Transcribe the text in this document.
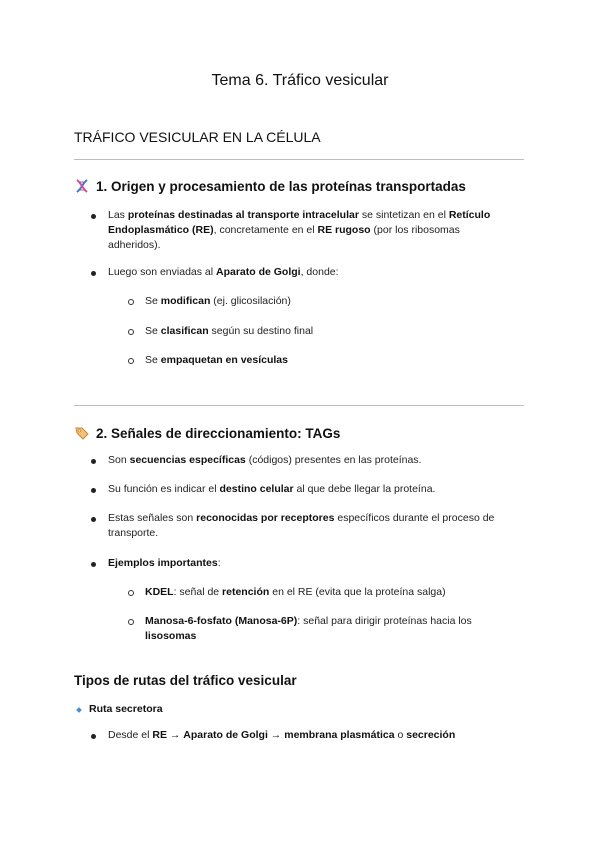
Tema 6. Tráfico vesicular
TRÁFICO VESICULAR EN LA CÉLULA
1. Origen y procesamiento de las proteínas transportadas
Las proteínas destinadas al transporte intracelular se sintetizan en el Retículo
Endoplasmático (RE), concretamente en el RE rugoso (por los ribosomas
adheridos).
Luego son enviadas al Aparato de Golgi, donde:
Se modifican (ej. glicosilación)
Se clasifican según su destino final
Se empaquetan en vesículas
2. Señales de direccionamiento: TAGs
Son secuencias específicas (códigos) presentes en las proteínas.
Su función es indicar el destino celular al que debe llegar la proteína.
Estas señales son reconocidas por receptores específicos durante el proceso de
transporte.
Ejemplos importantes:
KDEL: señal de retención en el RE (evita que la proteína salga)
Manosa-6-fosfato (Manosa-6P): señal para dirigir proteínas hacia los
lisosomas
Tipos de rutas del tráfico vesicular
Ruta secretora
Desde el RE → Aparato de Golgi → membrana plasmática o secreción
